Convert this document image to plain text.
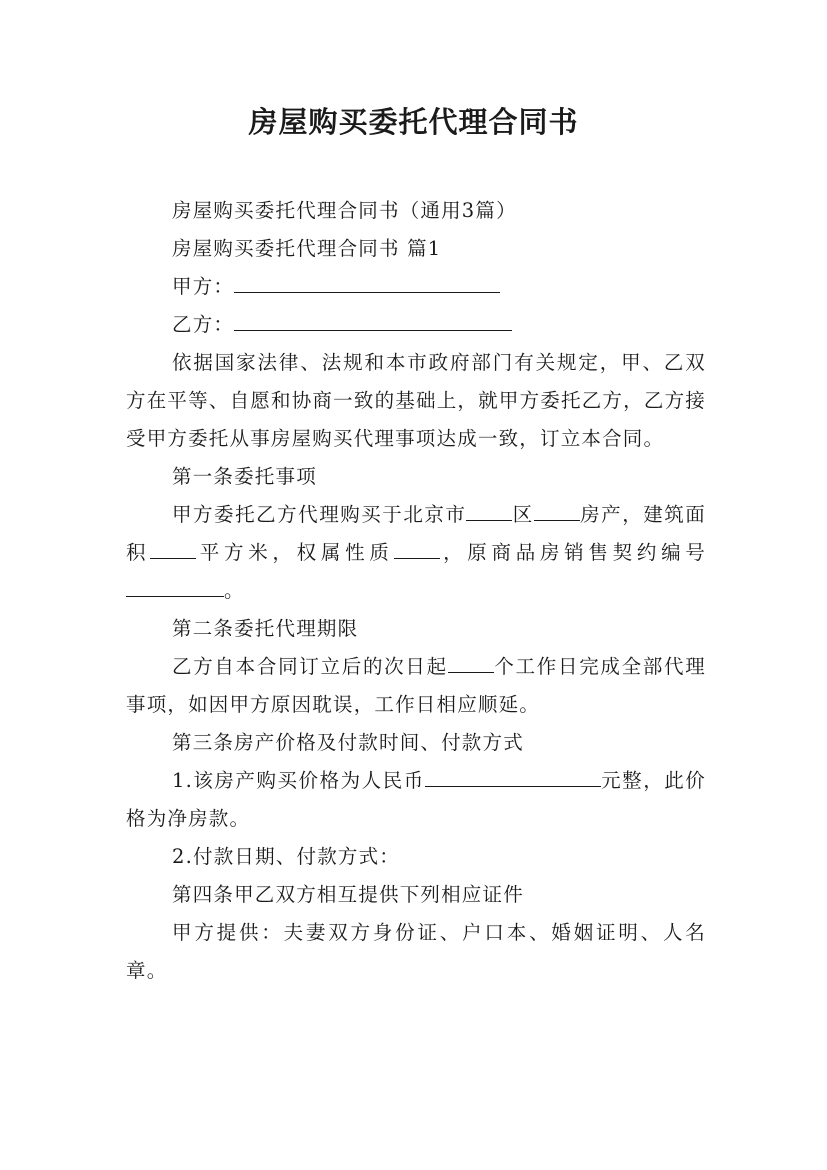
房屋购买委托代理合同书

房屋购买委托代理合同书（通用3篇）

房屋购买委托代理合同书 篇1

甲方：

乙方：

依据国家法律、法规和本市政府部门有关规定，甲、乙双方在平等、自愿和协商一致的基础上，就甲方委托乙方，乙方接受甲方委托从事房屋购买代理事项达成一致，订立本合同。

第一条委托事项

甲方委托乙方代理购买于北京市 区 房产，建筑面积 平方米，权属性质 ，原商品房销售契约编号。

第二条委托代理期限

乙方自本合同订立后的次日起 个工作日完成全部代理事项，如因甲方原因耽误，工作日相应顺延。

第三条房产价格及付款时间、付款方式

1.该房产购买价格为人民币	元整，此价格为净房款。

2.付款日期、付款方式：

第四条甲乙双方相互提供下列相应证件

甲方提供：夫妻双方身份证、户口本、婚姻证明、人名章。
